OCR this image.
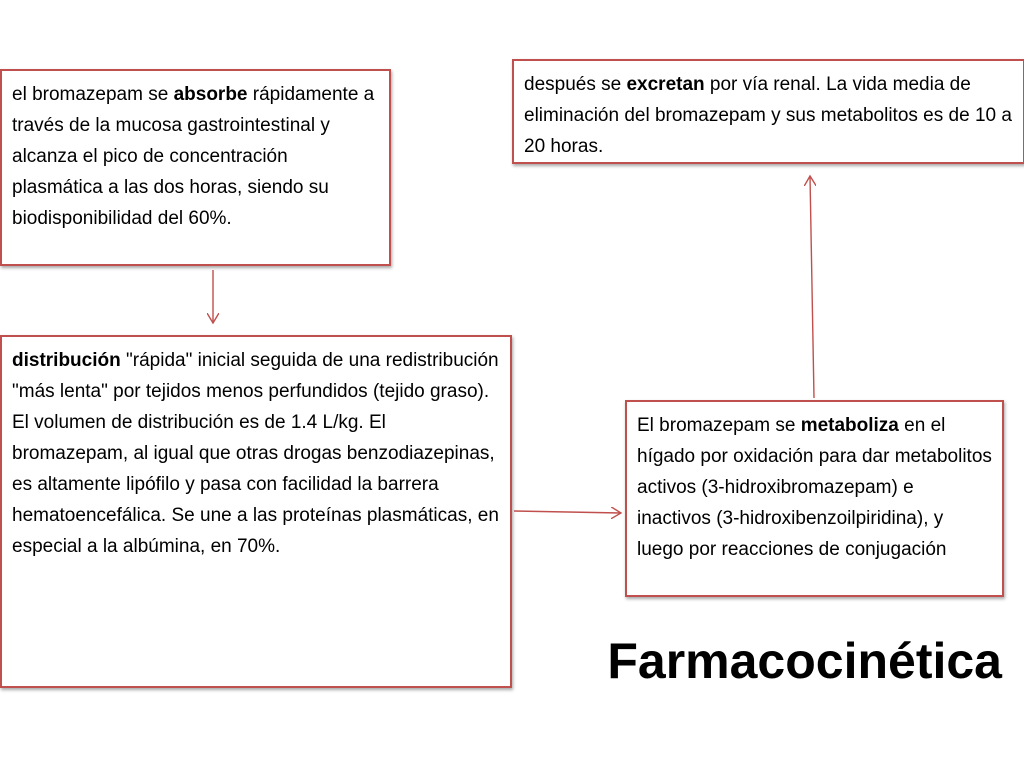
el bromazepam se absorbe rápidamente a través de la mucosa gastrointestinal y alcanza el pico de concentración plasmática a las dos horas, siendo su biodisponibilidad del 60%.
después se excretan por vía renal. La vida media de eliminación del bromazepam y sus metabolitos es de 10 a 20 horas.
distribución "rápida" inicial seguida de una redistribución "más lenta" por tejidos menos perfundidos (tejido graso). El volumen de distribución es de 1.4 L/kg. El bromazepam, al igual que otras drogas benzodiazepinas, es altamente lipófilo y pasa con facilidad la barrera hematoencefálica. Se une a las proteínas plasmáticas, en especial a la albúmina, en 70%.
El bromazepam se metaboliza en el hígado por oxidación para dar metabolitos activos (3-hidroxibromazepam) e inactivos (3-hidroxibenzoilpiridina), y luego por reacciones de conjugación
Farmacocinética
